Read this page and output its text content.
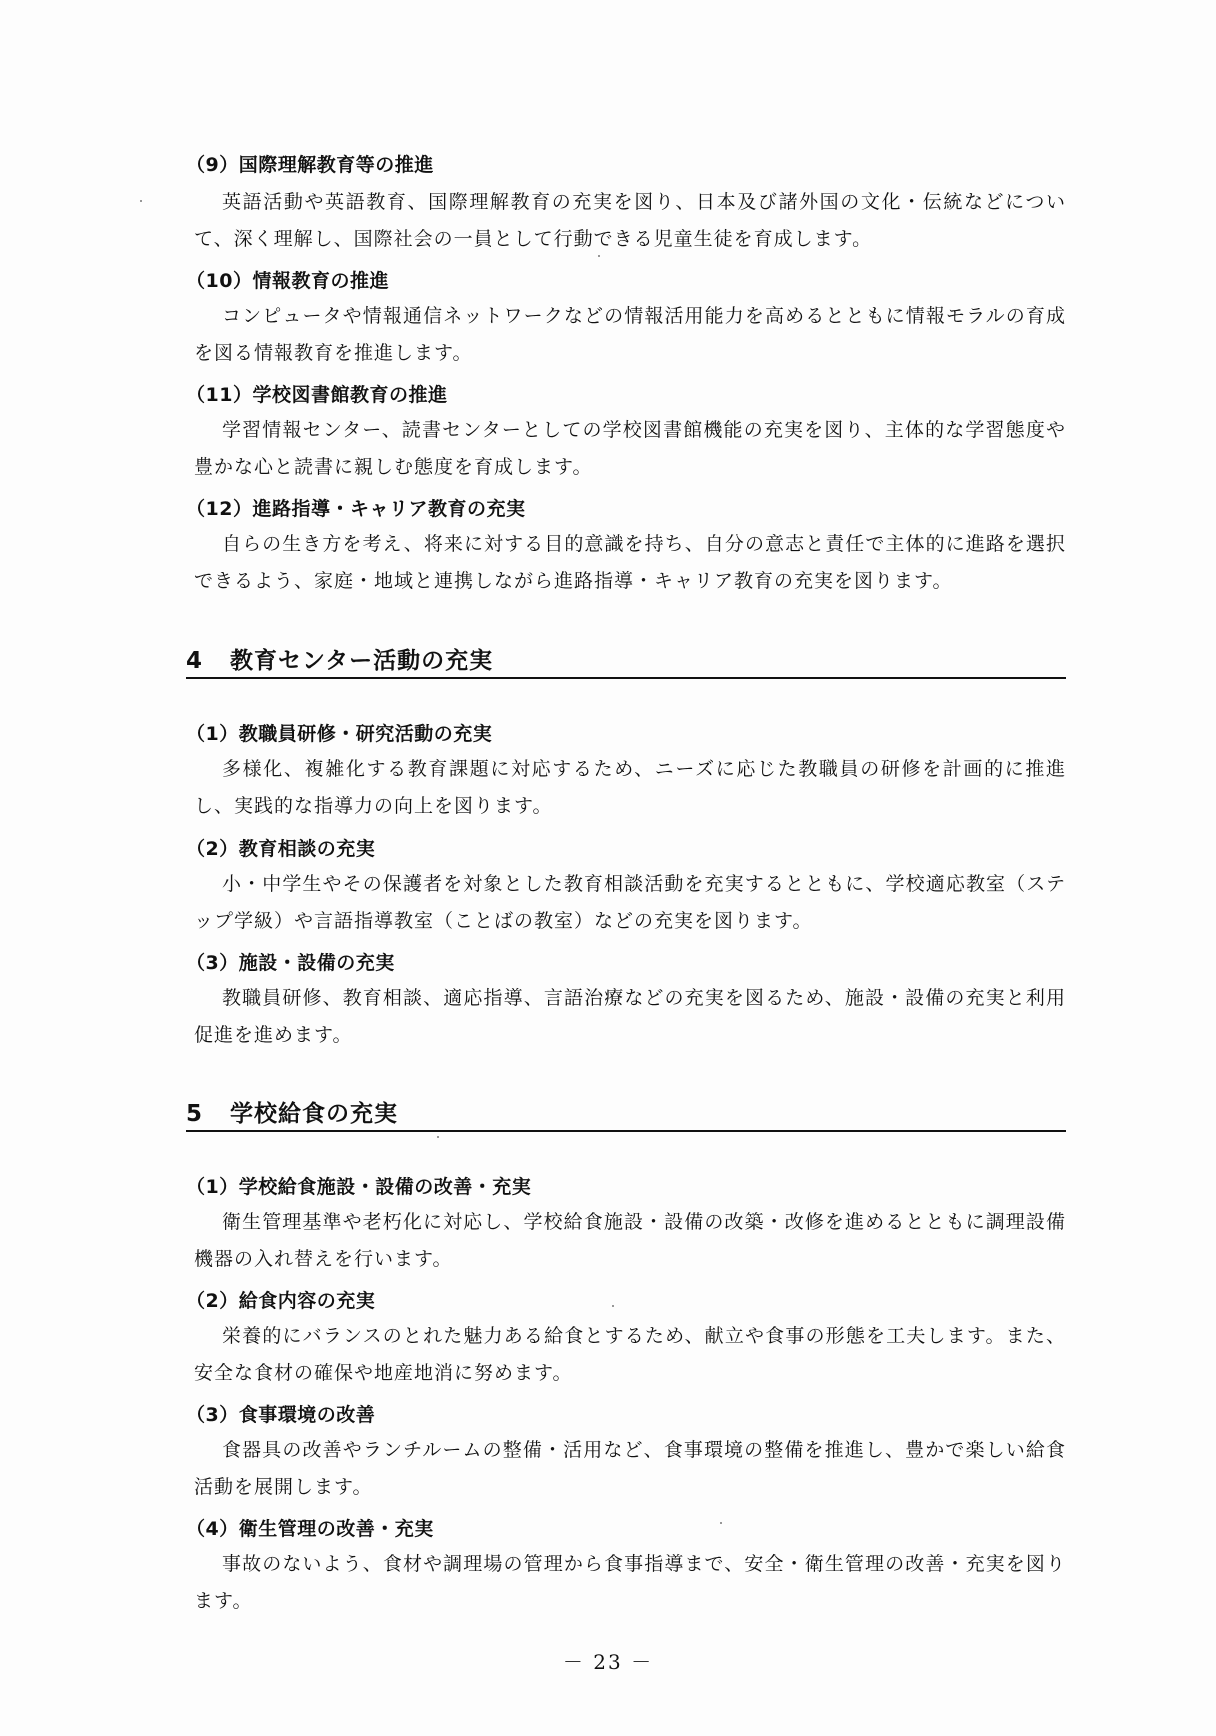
（9）国際理解教育等の推進
英語活動や英語教育、国際理解教育の充実を図り、日本及び諸外国の文化・伝統などについて、深く理解し、国際社会の一員として行動できる児童生徒を育成します。
（10）情報教育の推進
コンピュータや情報通信ネットワークなどの情報活用能力を高めるとともに情報モラルの育成を図る情報教育を推進します。
（11）学校図書館教育の推進
学習情報センター、読書センターとしての学校図書館機能の充実を図り、主体的な学習態度や豊かな心と読書に親しむ態度を育成します。
（12）進路指導・キャリア教育の充実
自らの生き方を考え、将来に対する目的意識を持ち、自分の意志と責任で主体的に進路を選択できるよう、家庭・地域と連携しながら進路指導・キャリア教育の充実を図ります。
4 教育センター活動の充実
（1）教職員研修・研究活動の充実
多様化、複雑化する教育課題に対応するため、ニーズに応じた教職員の研修を計画的に推進し、実践的な指導力の向上を図ります。
（2）教育相談の充実
小・中学生やその保護者を対象とした教育相談活動を充実するとともに、学校適応教室（ステップ学級）や言語指導教室（ことばの教室）などの充実を図ります。
（3）施設・設備の充実
教職員研修、教育相談、適応指導、言語治療などの充実を図るため、施設・設備の充実と利用促進を進めます。
5 学校給食の充実
（1）学校給食施設・設備の改善・充実
衛生管理基準や老朽化に対応し、学校給食施設・設備の改築・改修を進めるとともに調理設備機器の入れ替えを行います。
（2）給食内容の充実
栄養的にバランスのとれた魅力ある給食とするため、献立や食事の形態を工夫します。また、安全な食材の確保や地産地消に努めます。
（3）食事環境の改善
食器具の改善やランチルームの整備・活用など、食事環境の整備を推進し、豊かで楽しい給食活動を展開します。
（4）衛生管理の改善・充実
事故のないよう、食材や調理場の管理から食事指導まで、安全・衛生管理の改善・充実を図ります。
－ 23 －
